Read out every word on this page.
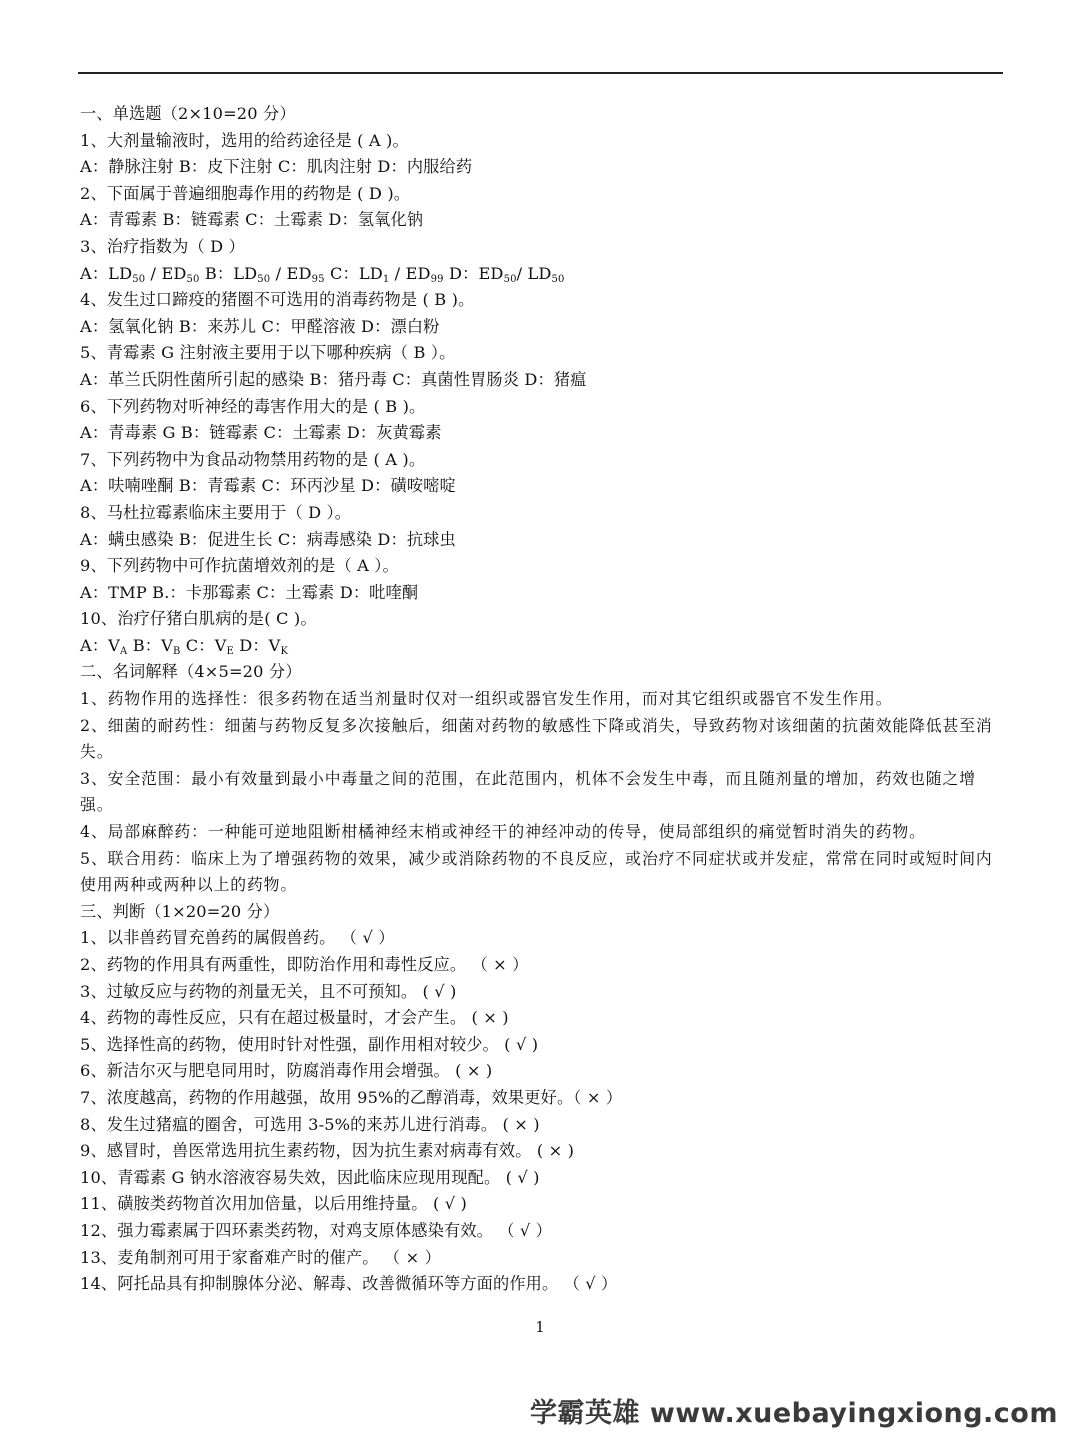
一、单选题（2×10=20 分）
1、大剂量输液时，选用的给药途径是 ( A )。
A：静脉注射 B：皮下注射 C：肌肉注射 D：内服给药
2、下面属于普遍细胞毒作用的药物是 ( D )。
A：青霉素 B：链霉素 C：土霉素 D：氢氧化钠
3、治疗指数为（ D ）
A：$LD_{50} / ED_{50}$ B：$LD_{50} / ED_{95}$ C：$LD_1 / ED_{99}$ D：$ED_{50}/$ $LD_{50}$
4、发生过口蹄疫的猪圈不可选用的消毒药物是 ( B )。
A：氢氧化钠 B：来苏儿 C：甲醛溶液 D：漂白粉
5、青霉素 G 注射液主要用于以下哪种疾病（ B ）。
A：革兰氏阴性菌所引起的感染 B：猪丹毒 C：真菌性胃肠炎 D：猪瘟
6、下列药物对听神经的毒害作用大的是 ( B )。
A：青毒素 G B：链霉素 C：土霉素 D：灰黄霉素
7、下列药物中为食品动物禁用药物的是 ( A )。
A：呋喃唑酮 B：青霉素 C：环丙沙星 D：磺咹嘧啶
8、马杜拉霉素临床主要用于（ D ）。
A：螨虫感染 B：促进生长 C：病毒感染 D：抗球虫
9、下列药物中可作抗菌增效剂的是（ A ）。
A：TMP B.：卡那霉素 C：土霉素 D：吡喹酮
10、治疗仔猪白肌病的是( C )。
A：$V_A$ B：$V_B$ C：$V_E$ D：$V_K$
二、名词解释（4×5=20 分）
1、药物作用的选择性：很多药物在适当剂量时仅对一组织或器官发生作用，而对其它组织或器官不发生作用。
2、细菌的耐药性：细菌与药物反复多次接触后，细菌对药物的敏感性下降或消失，导致药物对该细菌的抗菌效能降低甚至消失。
3、安全范围：最小有效量到最小中毒量之间的范围，在此范围内，机体不会发生中毒，而且随剂量的增加，药效也随之增强。
4、局部麻醉药：一种能可逆地阻断柑橘神经末梢或神经干的神经冲动的传导，使局部组织的痛觉暂时消失的药物。
5、联合用药：临床上为了增强药物的效果，减少或消除药物的不良反应，或治疗不同症状或并发症，常常在同时或短时间内使用两种或两种以上的药物。
三、判断（1×20=20 分）
1、以非兽药冒充兽药的属假兽药。 （ √ ）
2、药物的作用具有两重性，即防治作用和毒性反应。 （ × ）
3、过敏反应与药物的剂量无关，且不可预知。 ( √ )
4、药物的毒性反应，只有在超过极量时，才会产生。 ( × )
5、选择性高的药物，使用时针对性强，副作用相对较少。 ( √ )
6、新洁尔灭与肥皂同用时，防腐消毒作用会增强。 ( × )
7、浓度越高，药物的作用越强，故用 95%的乙醇消毒，效果更好。（ × ）
8、发生过猪瘟的圈舍，可选用 3-5%的来苏儿进行消毒。 ( × )
9、感冒时，兽医常选用抗生素药物，因为抗生素对病毒有效。 ( × )
10、青霉素 G 钠水溶液容易失效，因此临床应现用现配。 ( √ )
11、磺胺类药物首次用加倍量，以后用维持量。 ( √ )
12、强力霉素属于四环素类药物，对鸡支原体感染有效。 （ √ ）
13、麦角制剂可用于家畜难产时的催产。 （ × ）
14、阿托品具有抑制腺体分泌、解毒、改善微循环等方面的作用。 （ √ ）
1
学霸英雄 www.xuebayingxiong.com
